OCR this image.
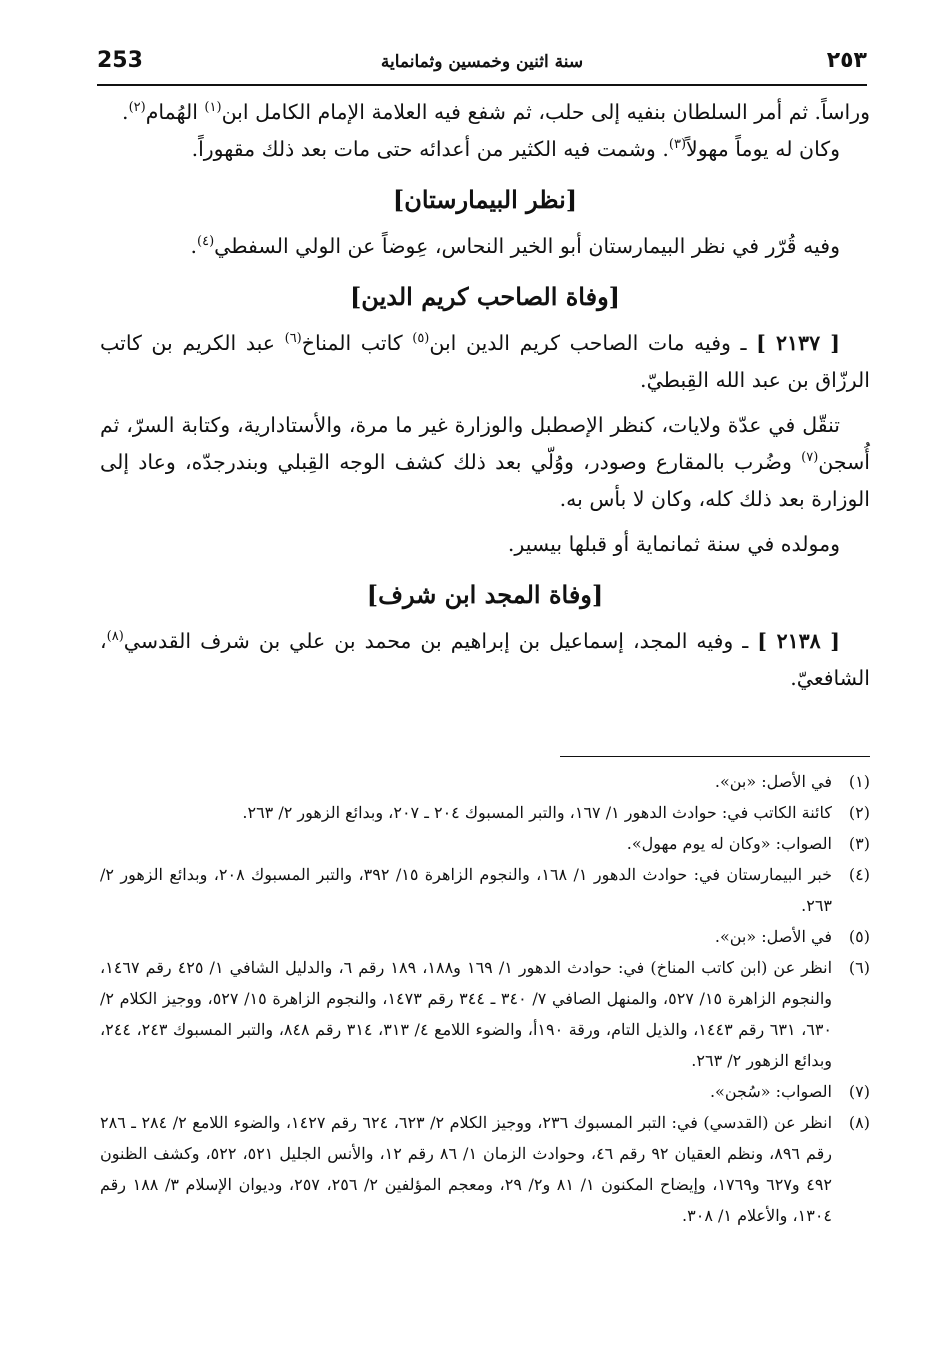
253	سنة اثنين وخمسين وثمانماية	٢٥٣

وراساً. ثم أمر السلطان بنفيه إلى حلب، ثم شفع فيه العلامة الإمام الكامل ابن$^{(١)}$ الهُمام$^{(٢)}$.

وكان له يوماً مهولاً$^{(٣)}$. وشمت فيه الكثير من أعدائه حتى مات بعد ذلك مقهوراً.

[نظر البيمارستان]

وفيه قُرّر في نظر البيمارستان أبو الخير النحاس، عِوضاً عن الولي السفطي$^{(٤)}$.

[وفاة الصاحب كريم الدين]

[ ٢١٣٧ ] ـ وفيه مات الصاحب كريم الدين ابن$^{(٥)}$ كاتب المناخ$^{(٦)}$ عبد الكريم بن كاتب الرزّاق بن عبد الله القِبطيّ.

تنقّل في عدّة ولايات، كنظر الإصطبل والوزارة غير ما مرة، والأستادارية، وكتابة السرّ، ثم أُسجن$^{(٧)}$ وضُرب بالمقارع وصودر، ووُلّي بعد ذلك كشف الوجه القِبلي وبندرجدّه، وعاد إلى الوزارة بعد ذلك كله، وكان لا بأس به.

ومولده في سنة ثمانماية أو قبلها بيسير.

[وفاة المجد ابن شرف]

[ ٢١٣٨ ] ـ وفيه المجد، إسماعيل بن إبراهيم بن محمد بن علي بن شرف القدسي$^{(٨)}$، الشافعيّ.

(١)
في الأصل: «بن».
(٢)
كائنة الكاتب في: حوادث الدهور ١/ ١٦٧، والتبر المسبوك ٢٠٤ ـ ٢٠٧، وبدائع الزهور ٢/ ٢٦٣.
(٣)
الصواب: «وكان له يوم مهول».
(٤)
خبر البيمارستان في: حوادث الدهور ١/ ١٦٨، والنجوم الزاهرة ١٥/ ٣٩٢، والتبر المسبوك ٢٠٨، وبدائع الزهور ٢/ ٢٦٣.
(٥)
في الأصل: «بن».
(٦)
انظر عن (ابن كاتب المناخ) في: حوادث الدهور ١/ ١٦٩ و١٨٨، ١٨٩ رقم ٦، والدليل الشافي ١/ ٤٢٥ رقم ١٤٦٧، والنجوم الزاهرة ١٥/ ٥٢٧، والمنهل الصافي ٧/ ٣٤٠ ـ ٣٤٤ رقم ١٤٧٣، والنجوم الزاهرة ١٥/ ٥٢٧، ووجيز الكلام ٢/ ٦٣٠، ٦٣١ رقم ١٤٤٣، والذيل التام، ورقة ١٩٠أ، والضوء اللامع ٤/ ٣١٣، ٣١٤ رقم ٨٤٨، والتبر المسبوك ٢٤٣، ٢٤٤، وبدائع الزهور ٢/ ٢٦٣.
(٧)
الصواب: «سُجن».
(٨)
انظر عن (القدسي) في: التبر المسبوك ٢٣٦، ووجيز الكلام ٢/ ٦٢٣، ٦٢٤ رقم ١٤٢٧، والضوء اللامع ٢/ ٢٨٤ ـ ٢٨٦ رقم ٨٩٦، ونظم العقيان ٩٢ رقم ٤٦، وحوادث الزمان ١/ ٨٦ رقم ١٢، والأنس الجليل ٥٢١، ٥٢٢، وكشف الظنون ٤٩٢ و٦٢٧ و١٧٦٩، وإيضاح المكنون ١/ ٨١ و٢/ ٢٩، ومعجم المؤلفين ٢/ ٢٥٦، ٢٥٧، وديوان الإسلام ٣/ ١٨٨ رقم ١٣٠٤، والأعلام ١/ ٣٠٨.
